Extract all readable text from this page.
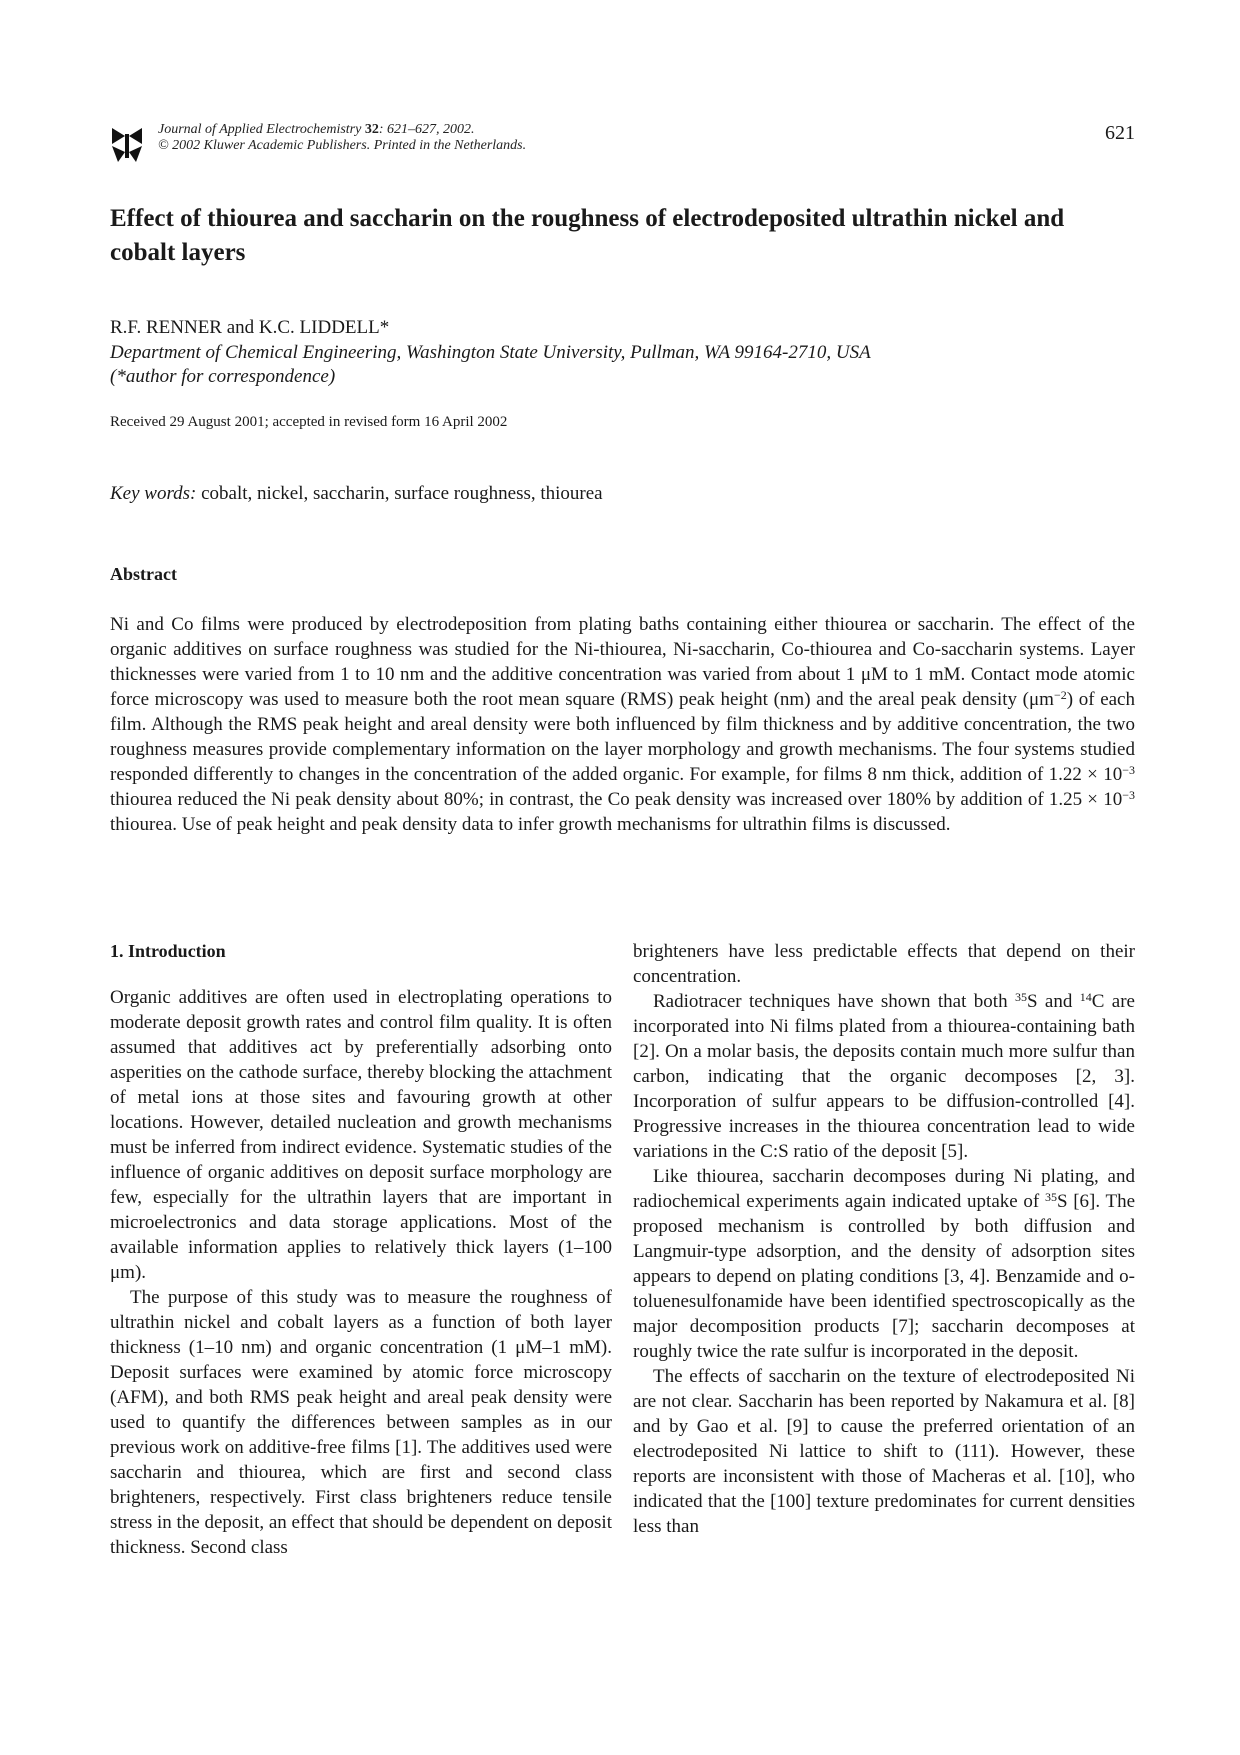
Journal of Applied Electrochemistry 32: 621–627, 2002.
© 2002 Kluwer Academic Publishers. Printed in the Netherlands.
621
Effect of thiourea and saccharin on the roughness of electrodeposited ultrathin nickel and cobalt layers
R.F. RENNER and K.C. LIDDELL*
Department of Chemical Engineering, Washington State University, Pullman, WA 99164-2710, USA
(*author for correspondence)
Received 29 August 2001; accepted in revised form 16 April 2002
Key words: cobalt, nickel, saccharin, surface roughness, thiourea
Abstract

Ni and Co films were produced by electrodeposition from plating baths containing either thiourea or saccharin. The effect of the organic additives on surface roughness was studied for the Ni-thiourea, Ni-saccharin, Co-thiourea and Co-saccharin systems. Layer thicknesses were varied from 1 to 10 nm and the additive concentration was varied from about 1 μM to 1 mM. Contact mode atomic force microscopy was used to measure both the root mean square (RMS) peak height (nm) and the areal peak density $(\mu m^{-2})$ of each film. Although the RMS peak height and areal density were both influenced by film thickness and by additive concentration, the two roughness measures provide complementary information on the layer morphology and growth mechanisms. The four systems studied responded differently to changes in the concentration of the added organic. For example, for films 8 nm thick, addition of $1.22 \times 10^{-3}$ thiourea reduced the Ni peak density about 80%; in contrast, the Co peak density was increased over 180% by addition of $1.25 \times 10^{-3}$ thiourea. Use of peak height and peak density data to infer growth mechanisms for ultrathin films is discussed.

1. Introduction

Organic additives are often used in electroplating operations to moderate deposit growth rates and control film quality. It is often assumed that additives act by preferentially adsorbing onto asperities on the cathode surface, thereby blocking the attachment of metal ions at those sites and favouring growth at other locations. However, detailed nucleation and growth mechanisms must be inferred from indirect evidence. Systematic studies of the influence of organic additives on deposit surface morphology are few, especially for the ultrathin layers that are important in microelectronics and data storage applications. Most of the available information applies to relatively thick layers (1–100 μm).

The purpose of this study was to measure the roughness of ultrathin nickel and cobalt layers as a function of both layer thickness (1–10 nm) and organic concentration (1 μM–1 mM). Deposit surfaces were examined by atomic force microscopy (AFM), and both RMS peak height and areal peak density were used to quantify the differences between samples as in our previous work on additive-free films [1]. The additives used were saccharin and thiourea, which are first and second class brighteners, respectively. First class brighteners reduce tensile stress in the deposit, an effect that should be dependent on deposit thickness. Second class

brighteners have less predictable effects that depend on their concentration.

Radiotracer techniques have shown that both $^{35}$S and $^{14}$C are incorporated into Ni films plated from a thiourea-containing bath [2]. On a molar basis, the deposits contain much more sulfur than carbon, indicating that the organic decomposes [2, 3]. Incorporation of sulfur appears to be diffusion-controlled [4]. Progressive increases in the thiourea concentration lead to wide variations in the C:S ratio of the deposit [5].

Like thiourea, saccharin decomposes during Ni plating, and radiochemical experiments again indicated uptake of $^{35}$S [6]. The proposed mechanism is controlled by both diffusion and Langmuir-type adsorption, and the density of adsorption sites appears to depend on plating conditions [3, 4]. Benzamide and o-toluenesulfonamide have been identified spectroscopically as the major decomposition products [7]; saccharin decomposes at roughly twice the rate sulfur is incorporated in the deposit.

The effects of saccharin on the texture of electrodeposited Ni are not clear. Saccharin has been reported by Nakamura et al. [8] and by Gao et al. [9] to cause the preferred orientation of an electrodeposited Ni lattice to shift to (111). However, these reports are inconsistent with those of Macheras et al. [10], who indicated that the [100] texture predominates for current densities less than
